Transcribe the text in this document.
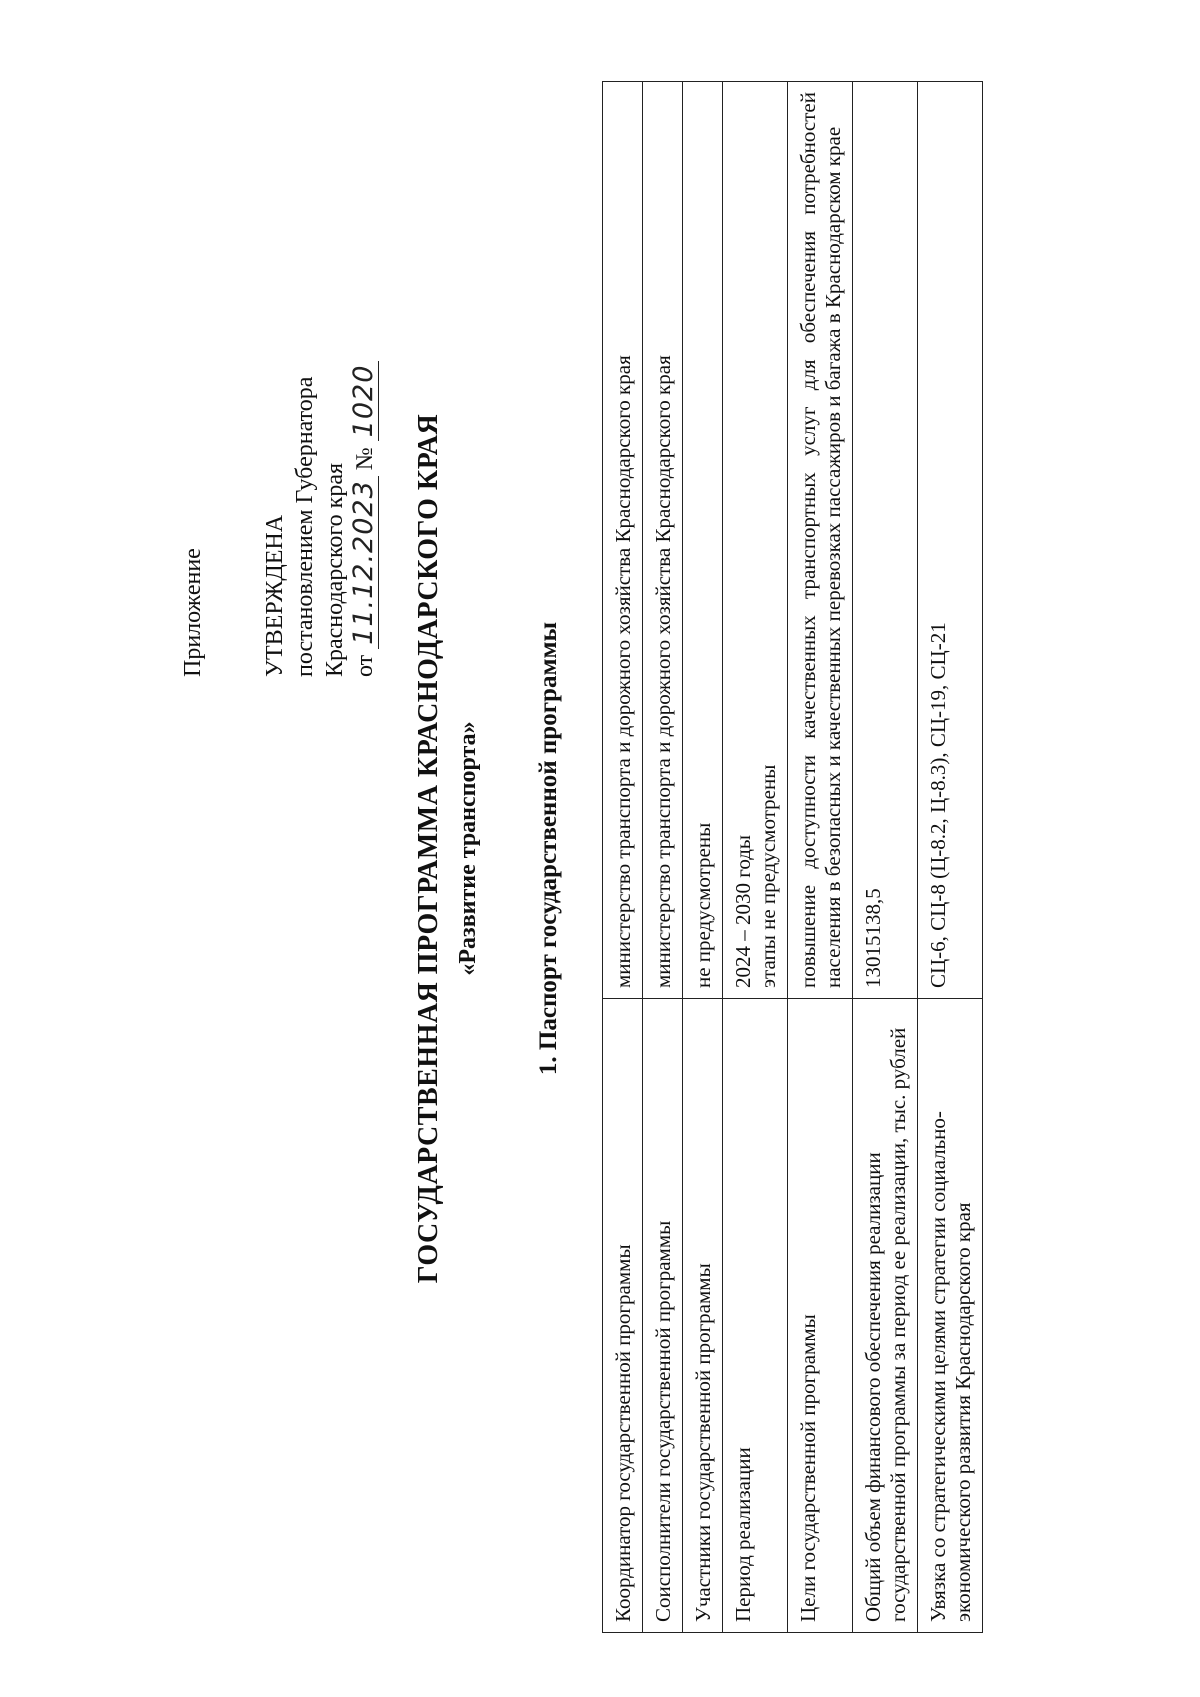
Приложение УТВЕРЖДЕНА постановлением Губернатора Краснодарского края от 11.12.2023 № 1020
ГОСУДАРСТВЕННАЯ ПРОГРАММА КРАСНОДАРСКОГО КРАЯ «Развитие транспорта» 1. Паспорт государственной программы
Координатор государственной программы	министерство транспорта и дорожного хозяйства Краснодарского края
Соисполнители государственной программы	министерство транспорта и дорожного хозяйства Краснодарского края
Участники государственной программы	не предусмотрены
Период реализации	2024 – 2030 годы этапы не предусмотрены

Цели государственной программы	повышение доступности качественных транспортных услуг для обеспечения потребностей населения в безопасных и качественных перевозках пассажиров и багажа в Краснодарском крае
Общий объем финансового обеспечения реализации государственной программы за период ее реализации, тыс. рублей	13015138,5
Увязка со стратегическими целями стратегии социально-экономического развития Краснодарского края	СЦ-6, СЦ-8 (Ц-8.2, Ц-8.3), СЦ-19, СЦ-21
